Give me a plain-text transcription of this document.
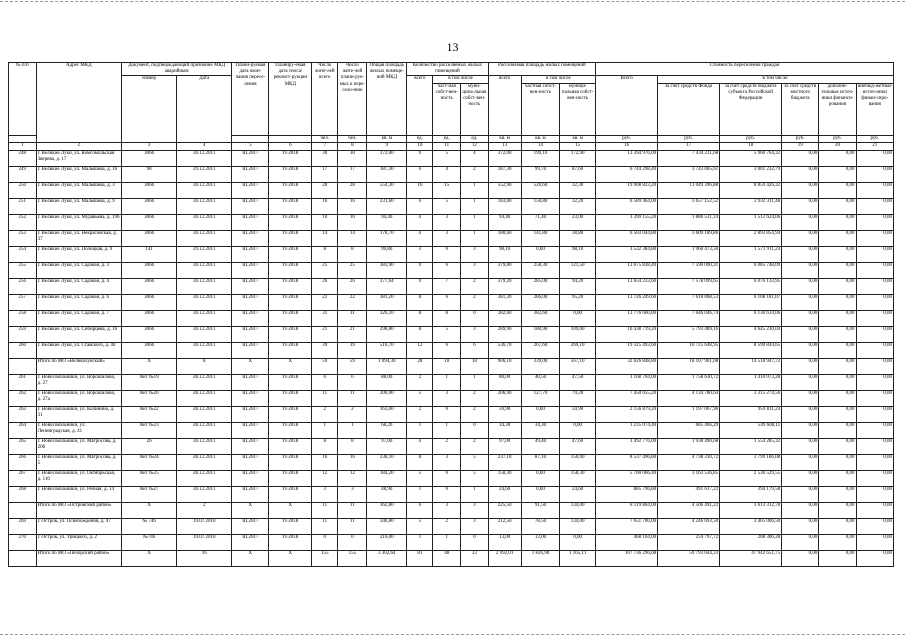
13
№ п/п	Адрес МКД	Документ, подтверждающий признание МКД аварийным		Плани-руемая дата окон-чания пересе-ления	Планиру-емая дата сноса/ реконст-рукции МКД	Число жите-лей всего	Число жите-лей плани-руе-мых к пере-село-нию	Общая площадь жилых помеще-ний МКД	Количество расселяемых жилых помещений			Расселяемая площадь жилых помещений			Стоимость переселения граждан					
		Номер	Дата						всего	в том числе		всего	в том числе		Всего	в том числе:				
										част-ная собст-вен-ность	муни-ципа-льная собст-вен-ность		частная собст-вен-ность	муници-пальная собст-вен-ность		за счет средств Фонда	за счет средств бюджета субъекта Российской Федерации	за счет средств местного бюджета	дополни-тельные источ-ники финанси-рования	внебюд-жетные источ-ники финан-сиро-вания
						чел.	чел.	кв. м	ед.	ед.	ед.	кв. м	кв. м	кв. м	руб.	руб.	руб.	руб.	руб.	руб.
1	2	3	4	5	6	7	8	9	10	11	12	13	14	15	16	17	18	19	20	21
248	г. Великие Луки, ул. Комсомольская Зверева, д. 17	3066	30.12.2011	III.2017	IV.2018	30	30	372,00	9	5	4	372,00	199,10	172,90	13 394 976,00	7 434 211,68	5 960 764,32	0,00	0,00	0,00
249	г. Великие Луки, ул. Малышева, д. 16	98	29.12.2011	III.2017	IV.2018	17	17	187,30	6	4	2	187,30	99,70	87,60	6 744 298,40	3 743 065,61	3 001 232,79	0,00	0,00	0,00
250	г. Великие Луки, ул. Малышева, д. 3	3066	30.12.2011	III.2017	IV.2018	28	28	554,30	16	15	1	552,90	520,60	32,30	19 908 823,20	11 049 396,88	8 859 426,32	0,00	0,00	0,00
251	г. Великие Луки, ул. Малышева, д. 9	3066	30.12.2011	III.2017	IV.2018	16	16	231,60	6	5	1	183,00	150,80	32,20	6 589 464,00	3 657 152,52	2 932 311,48	0,00	0,00	0,00
252	г. Великие Луки, ул. Муравьева, д. 19б	3066	30.12.2011	III.2017	IV.2018	10	10	94,40	4	3	1	94,40	71,40	23,00	3 399 155,20	1 886 531,14	1 512 624,06	0,00	0,00	0,00
253	г. Великие Луки, ул. Некрасовская, д. 37	3066	30.12.2011	III.2017	IV.2018	14	14	178,70	4	3	1	180,60	141,80	38,80	6 503 044,80	3 609 189,86	2 893 854,94	0,00	0,00	0,00
254	г. Великие Луки, ул. Полоцкая, д. 9	141	29.12.2011	III.2017	IV.2018	8	8	99,80	3	0	3	98,10	0,00	98,10	3 532 384,80	1 960 473,56	1 571 911,24	0,00	0,00	0,00
255	г. Великие Луки, ул. Садовая, д. 3	3066	30.12.2011	III.2017	IV.2018	25	25	383,90	9	6	3	379,80	258,30	121,50	13 675 838,40	7 590 090,31	6 085 748,09	0,00	0,00	0,00
256	г. Великие Луки, ул. Садовая, д. 4	3066	30.12.2011	III.2017	IV.2018	26	26	377,64	9	7	2	379,20	285,00	94,20	13 654 233,60	7 578 099,65	6 076 133,95	0,00	0,00	0,00
257	г. Великие Луки, ул. Садовая, д. 6	3066	30.12.2011	III.2017	IV.2018	22	22	381,20	8	6	2	381,20	286,00	95,20	13 726 249,60	7 618 068,53	6 108 181,07	0,00	0,00	0,00
258	г. Великие Луки, ул. Садовая, д. 7	3066	30.12.2011	III.2017	IV.2018	31	31	326,10	8	8	0	382,60	382,60	0,00	13 776 660,80	7 646 046,74	6 130 614,06	0,00	0,00	0,00
259	г. Великие Луки, ул. Сибирцева, д. 16	3066	30.12.2011	III.2017	IV.2018	21	21	298,80	8	5	3	289,90	180,90	109,00	10 438 719,20	5 793 489,16	4 645 230,04	0,00	0,00	0,00
260	г. Великие Луки, ул. Ставского, д. 40	3066	30.12.2011	III.2017	IV.2018	39	39	516,70	12	6	6	536,70	267,60	269,10	19 325 493,60	10 725 648,95	8 599 844,65	0,00	0,00	0,00
	Итого по МО «Великолукский»	X	8	X	X	59	59	1 094,30	28	10	18	906,10	339,00	567,10	32 626 848,80	18 107 901,08	14 518 947,72	0,00	0,00	0,00
261	г. Новосокольники, ул. Ворошилова, д. 27	Акт №19	28.12.2011	III.2017	IV.2018	6	6	88,00	2	1	1	88,00	40,50	47,50	3 168 704,00	1 758 630,72	1 410 073,28	0,00	0,00	0,00
262	г. Новосокольники, ул. Ворошилова, д. 27а	Акт №20	28.12.2011	III.2017	IV.2018	11	11	206,90	5	3	2	206,90	127,70	79,20	7 450 055,20	4 134 780,64	3 315 274,56	0,00	0,00	0,00
263	г. Новосокольники, ул. Калинина, д. 31	Акт №22	28.12.2011	III.2017	IV.2018	2	2	163,00	2	0	2	59,90	0,00	59,90	2 156 879,20	1 197 067,96	959 811,24	0,00	0,00	0,00
264	г. Новосокольники, ул. Ленинградская, д. 41	Акт №23	28.12.2011	III.2017	IV.2018	1	1	68,20	1	1	0	34,30	34,30	0,00	1 235 074,40	685 466,29	549 608,11	0,00	0,00	0,00
265	г. Новосокольники, ул. Матросова, д. 20б	26	30.12.2011	III.2017	IV.2018	8	8	97,00	4	2	2	97,00	49,40	47,60	3 492 776,00	1 938 490,68	1 554 285,32	0,00	0,00	0,00
266	г. Новосокольники, ул. Матросова, д. 5	Акт №24	28.12.2011	III.2017	IV.2018	16	16	238,10	8	3	5	237,10	87,10	150,00	8 537 496,80	4 738 310,72	3 799 186,08	0,00	0,00	0,00
267	г. Новосокольники, ул. Октябрьская, д. 110	Акт №25	28.12.2011	III.2017	IV.2018	12	12	184,20	5	0	5	158,30	0,00	158,30	5 700 066,40	3 163 536,85	2 536 529,55	0,00	0,00	0,00
268	г. Новосокольники, ул. Речная, д. 14	Акт №27	30.12.2011	III.2017	IV.2018	3	3	48,90	1	0	1	24,60	0,00	24,60	885 796,80	491 617,22	394 179,58	0,00	0,00	0,00
	Итого по МО «Островский район»	X	2	X	X	11	11	362,80	6	3	3	225,50	91,50	134,00	8 119 804,00	4 506 491,22	3 613 312,78	0,00	0,00	0,00
269	г. Остров, ул. Освобождения, д. 47	№ 746	19.07.2010	III.2017	IV.2018	11	11	346,80	5	2	3	212,50	78,50	134,00	7 651 700,00	4 246 693,50	3 405 006,50	0,00	0,00	0,00
270	г. Остров, ул. Урицкого, д. 2	№746	19.07.2010	III.2017	IV.2018	0	0	216,00	1	1	0	13,00	13,00	0,00	468 104,00	259 797,72	208 306,28	0,00	0,00	0,00
	Итого по МО «Печорский район»	X	16	X	X	155	155	3 302,64	81	48	33	2 992,01	1 826,90	1 165,11	107 736 296,08	59 793 644,33	47 942 651,75	0,00	0,00	0,00
